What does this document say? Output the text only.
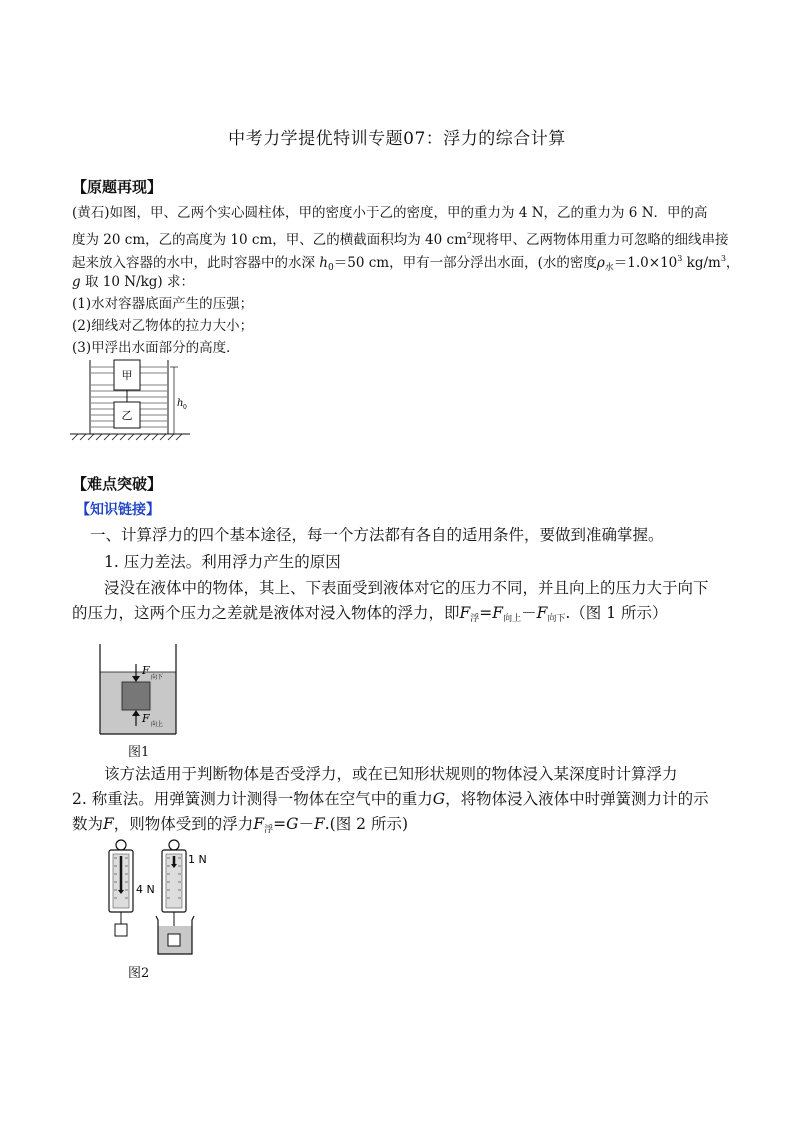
中考力学提优特训专题07：浮力的综合计算
【原题再现】
(黄石)如图，甲、乙两个实心圆柱体，甲的密度小于乙的密度，甲的重力为 4 N，乙的重力为 6 N．甲的高
度为 20 cm，乙的高度为 10 cm，甲、乙的横截面积均为 40 $cm^2$现将甲、乙两物体用重力可忽略的细线串接
起来放入容器的水中，此时容器中的水深 $h_0=50$ cm，甲有一部分浮出水面，(水的密度$\rho_水=1.0\times 10^3$ $kg/m^3$，
g 取 10 N/kg) 求：
(1)水对容器底面产生的压强；
(2)细线对乙物体的拉力大小；
(3)甲浮出水面部分的高度．
甲
乙
h 0
【难点突破】
【知识链接】
一、计算浮力的四个基本途径，每一个方法都有各自的适用条件，要做到准确掌握。
1. 压力差法。利用浮力产生的原因
浸没在液体中的物体，其上、下表面受到液体对它的压力不同，并且向上的压力大于向下
的压力，这两个压力之差就是液体对浸入物体的浮力，即$F_浮=F_{向上}-F_{向下}$.（图 1 所示）
F
向下
F 向上
图1
该方法适用于判断物体是否受浮力，或在已知形状规则的物体浸入某深度时计算浮力
2. 称重法。用弹簧测力计测得一物体在空气中的重力G，将物体浸入液体中时弹簧测力计的示
数为F，则物体受到的浮力$F_浮=G-F$.(图 2 所示)
4 N
1 N
图2
